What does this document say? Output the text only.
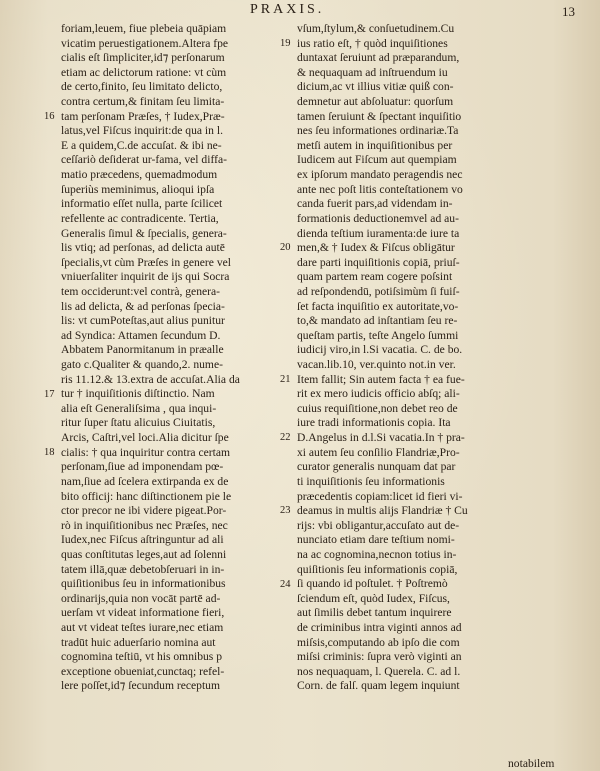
PRAXIS.	13
foriam,leuem, fiue plebeia quāpiam
vicatim peruestigationem.Altera fpe
cialis eſt ſimpliciter,id⁊ perſonarum
etiam ac delictorum ratione: vt cùm
de certo,finito, ſeu limitato delicto,
contra certum,& finitam ſeu limita-
tam perſonam Præſes, † Iudex,Præ-
latus,vel Fiſcus inquirit:de qua in l.
E a quidem,C.de accuſat. & ibi ne-
ceſſariò deſiderat ur-fama, vel diffa-
matio præcedens, quemadmodum
ſuperiùs meminimus, alioqui ipſa
informatio eſſet nulla, parte ſcilicet
refellente ac contradicente. Tertia,
Generalis ſimul & ſpecialis, genera-
lis vtiq; ad perſonas, ad delicta autē
ſpecialis,vt cùm Præſes in genere vel
vniuerſaliter inquirit de ijs qui Socra
tem occiderunt:vel contrà, genera-
lis ad delicta, & ad perſonas ſpecia-
lis: vt cumPoteſtas,aut alius punitur
ad Syndica: Attamen ſecundum D.
Abbatem Panormitanum in præalle
gato c.Qualiter & quando,2. nume-
ris 11.12.& 13.extra de accuſat.Alia da
tur † inquiſitionis diſtinctio. Nam
alia eſt Generaliſsima , qua inqui-
ritur ſuper ſtatu alicuius Ciuitatis,
Arcis, Caſtri,vel loci.Alia dicitur ſpe
cialis: † qua inquiritur contra certam
perſonam,ſiue ad imponendam pœ-
nam,ſiue ad ſcelera extirpanda ex de
bito officij: hanc diſtinctionem pie le
ctor precor ne ibi videre pigeat.Por-
rò in inquiſitionibus nec Præſes, nec
Iudex,nec Fiſcus aſtringuntur ad ali
quas conſtitutas leges,aut ad ſolenni
tatem illā,quæ debetobſeruari in in-
quiſitionibus ſeu in informationibus
ordinarijs,quia non vocāt partē ad-
uerſam vt videat informatione fieri,
aut vt videat teſtes iurare,nec etiam
tradūt huic aduerſario nomina aut
cognomina teſtiū, vt his omnibus p
exceptione obueniat,cunctaq; refel-
lere poſſet,id⁊ ſecundum receptum
vſum,ſtylum,& conſuetudinem.Cu
ius ratio eſt, † quòd inquiſitiones
duntaxat ſeruiunt ad præparandum,
& nequaquam ad inſtruendum iu
dicium,ac vt illius vitiæ quiß con-
demnetur aut abſoluatur: quorſum
tamen ſeruiunt & ſpectant inquiſitio
nes ſeu informationes ordinariæ.Ta
metſi autem in inquiſitionibus per
Iudicem aut Fiſcum aut quempiam
ex ipſorum mandato peragendis nec
ante nec poſt litis conteſtationem vo
canda fuerit pars,ad videndam in-
formationis deductionemvel ad au-
dienda teſtium iuramenta:de iure ta
men,& † Iudex & Fiſcus obligātur
dare parti inquiſitionis copiā, priuſ-
quam partem ream cogere poſsint
ad reſpondendū, potiſsimùm ſi fuiſ-
ſet facta inquiſitio ex autoritate,vo-
to,& mandato ad inſtantiam ſeu re-
queſtam partis, teſte Angelo ſummi
iudicij viro,in l.Si vacatia. C. de bo.
vacan.lib.10, ver.quinto not.in ver.
Item fallit; Sin autem facta † ea fue-
rit ex mero iudicis officio abſq; ali-
cuius requiſitione,non debet reo de
iure tradi informationis copia. Ita
D.Angelus in d.l.Si vacatia.In † pra-
xi autem ſeu conſilio Flandriæ,Pro-
curator generalis nunquam dat par
ti inquiſitionis ſeu informationis
præcedentis copiam:licet id fieri vi-
deamus in multis alijs Flandriæ † Cu
rijs: vbi obligantur,accuſato aut de-
nunciato etiam dare teſtium nomi-
na ac cognomina,necnon totius in-
quiſitionis ſeu informationis copiā,
ſi quando id poſtulet. † Poſtremò
ſciendum eſt, quòd Iudex, Fiſcus,
aut ſimilis debet tantum inquirere
de criminibus intra viginti annos ad
miſsis,computando ab ipſo die com
miſsi criminis: ſupra verò viginti an
nos nequaquam, l. Querela. C. ad l.
Corn. de falſ. quam legem inquiunt
16
17
18
19
20
21
22
23
24
notabilem
